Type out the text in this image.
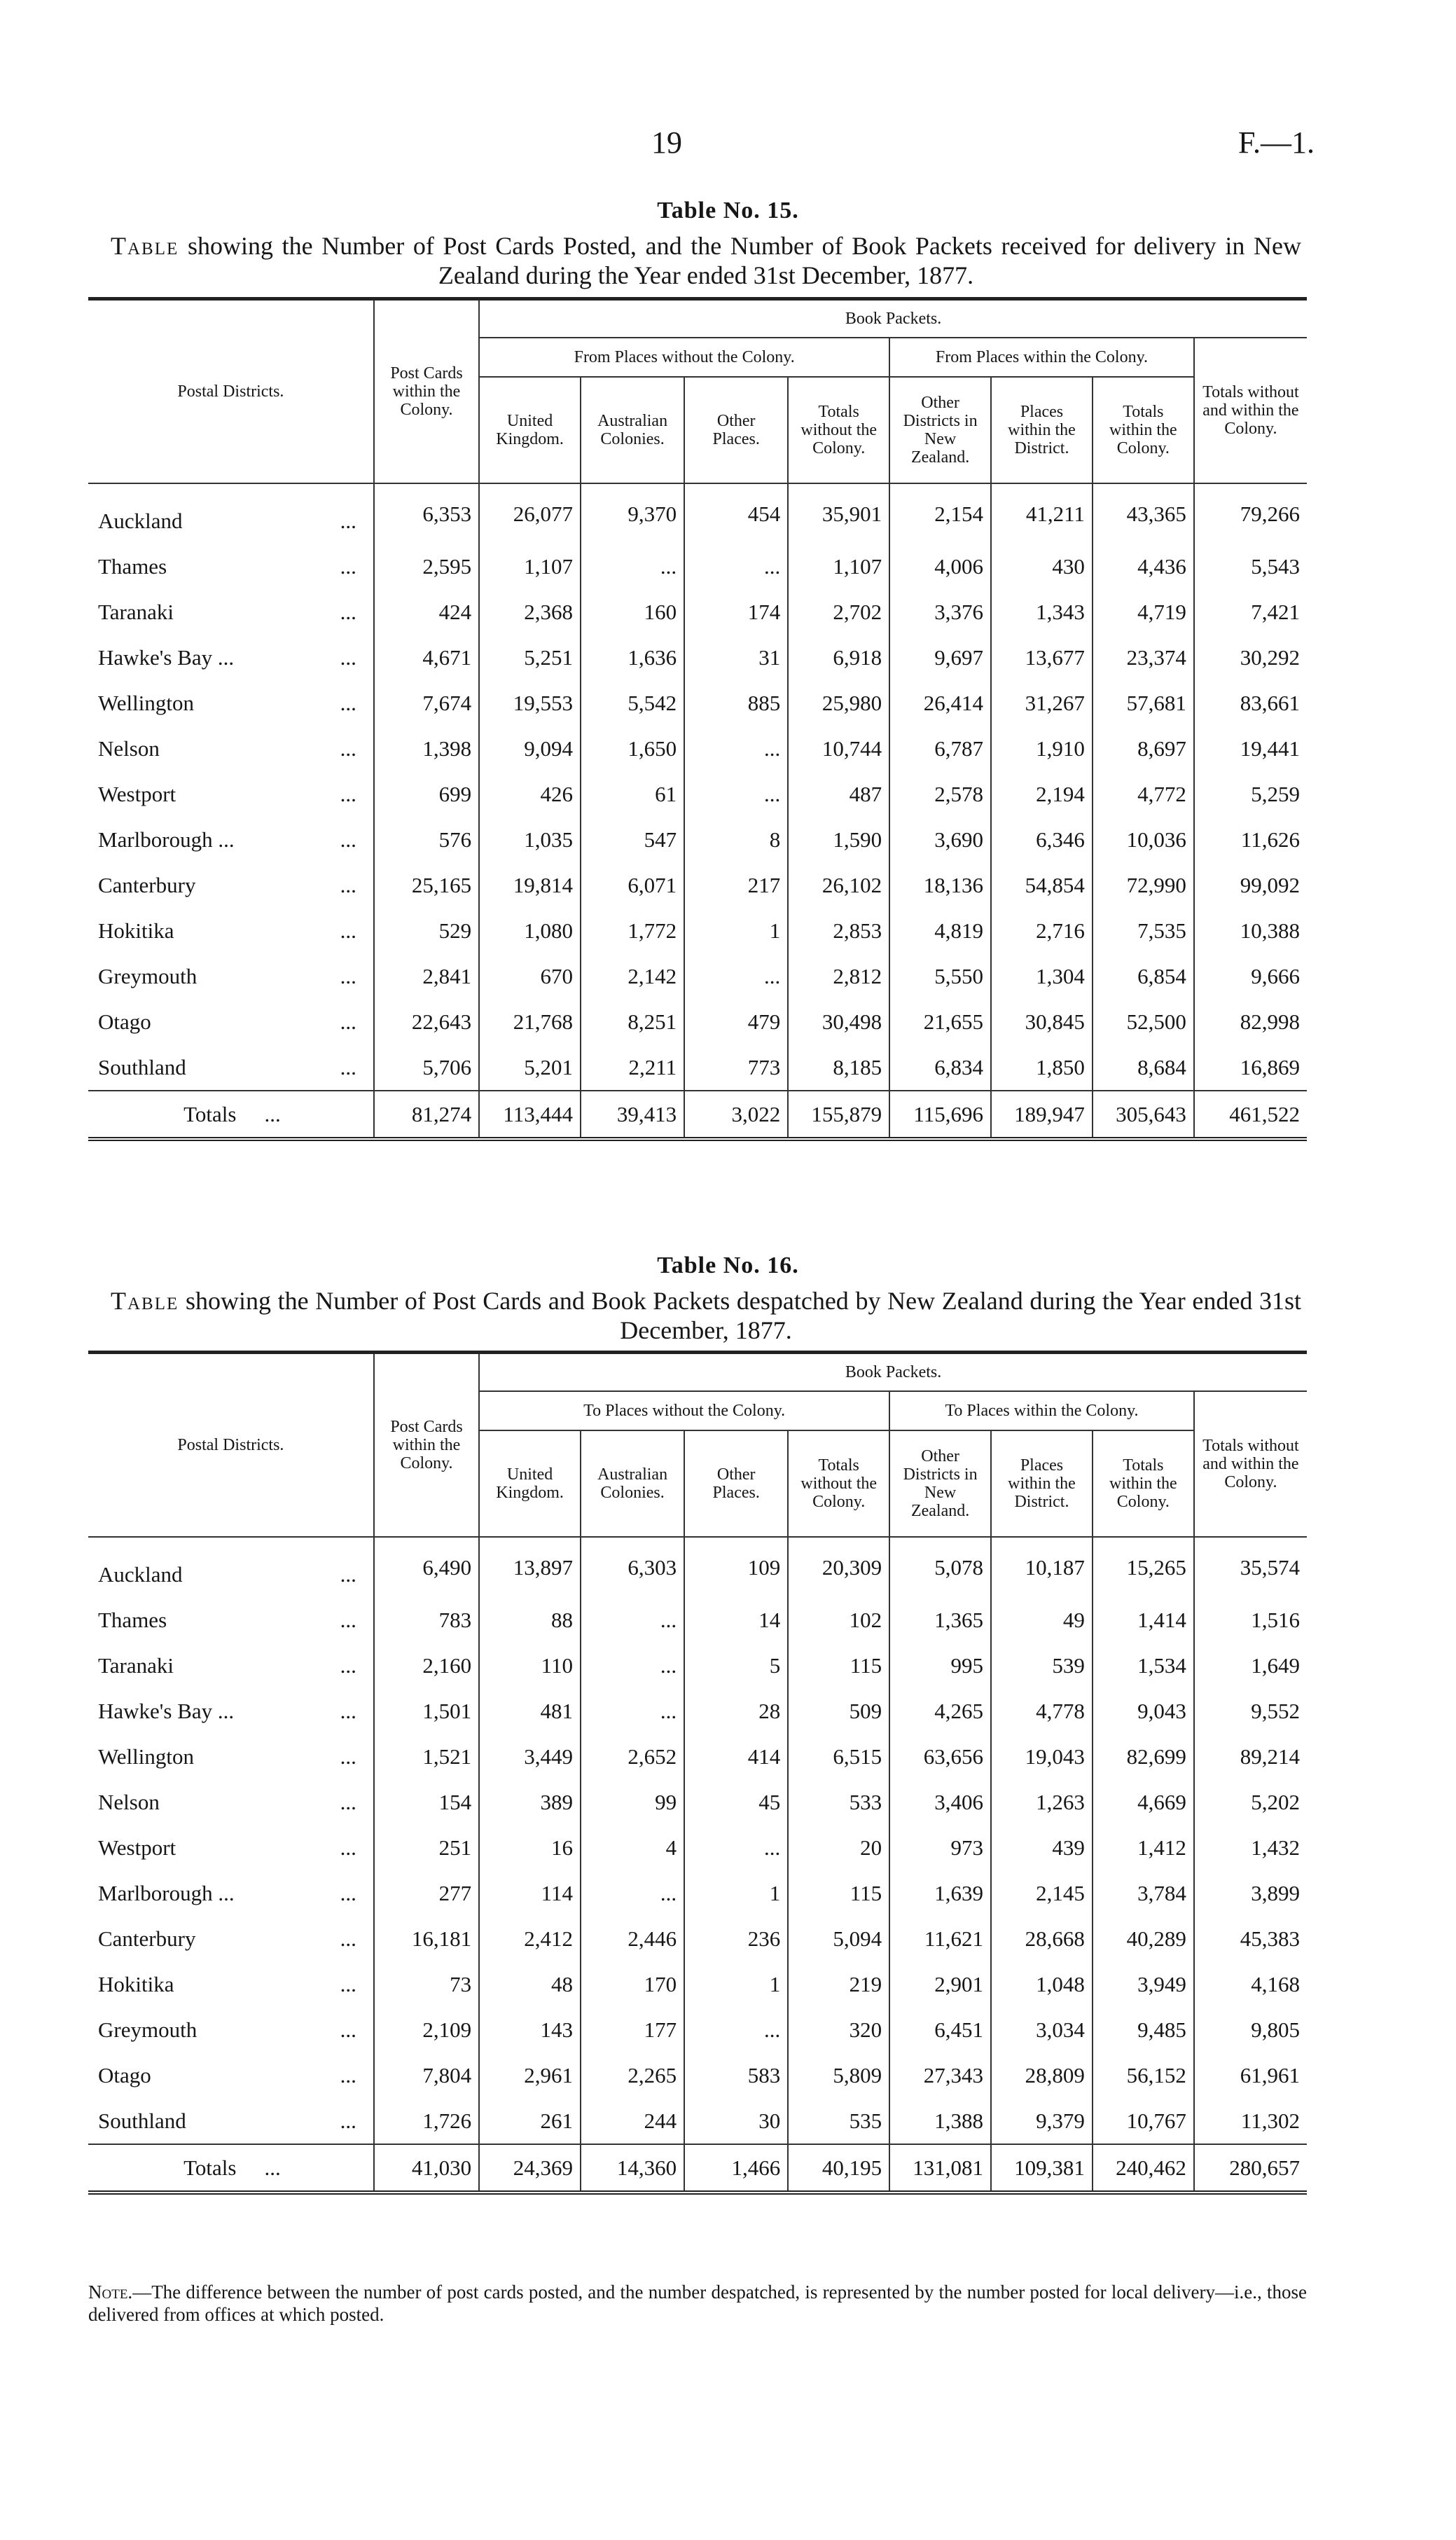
19	F.—1.
Table No. 15.
Table showing the Number of Post Cards Posted, and the Number of Book Packets received for delivery in New Zealand during the Year ended 31st December, 1877.
Postal Districts.	Post Cards within the Colony.	Book Packets.							
		From Places without the Colony.				From Places within the Colony.			Totals without and within the Colony.
		United Kingdom.	Australian Colonies.	Other Places.	Totals without the Colony.	Other Districts in New Zealand.	Places within the District.	Totals within the Colony.	

...
Auckland	6,353	26,077	9,370	454	35,901	2,154	41,211	43,365	79,266

...
Thames	2,595	1,107	...	...	1,107	4,006	430	4,436	5,543

...
Taranaki	424	2,368	160	174	2,702	3,376	1,343	4,719	7,421

...
Hawke's Bay ...	4,671	5,251	1,636	31	6,918	9,697	13,677	23,374	30,292

...
Wellington	7,674	19,553	5,542	885	25,980	26,414	31,267	57,681	83,661

...
Nelson	1,398	9,094	1,650	...	10,744	6,787	1,910	8,697	19,441

...
Westport	699	426	61	...	487	2,578	2,194	4,772	5,259

...
Marlborough ...	576	1,035	547	8	1,590	3,690	6,346	10,036	11,626

...
Canterbury	25,165	19,814	6,071	217	26,102	18,136	54,854	72,990	99,092

...
Hokitika	529	1,080	1,772	1	2,853	4,819	2,716	7,535	10,388

...
Greymouth	2,841	670	2,142	...	2,812	5,550	1,304	6,854	9,666

...
Otago	22,643	21,768	8,251	479	30,498	21,655	30,845	52,500	82,998

...
Southland	5,706	5,201	2,211	773	8,185	6,834	1,850	8,684	16,869
Totals ...	81,274	113,444	39,413	3,022	155,879	115,696	189,947	305,643	461,522
Table No. 16.
Table showing the Number of Post Cards and Book Packets despatched by New Zealand during the Year ended 31st December, 1877.
Postal Districts.	Post Cards within the Colony.	Book Packets.							
		To Places without the Colony.				To Places within the Colony.			Totals without and within the Colony.
		United Kingdom.	Australian Colonies.	Other Places.	Totals without the Colony.	Other Districts in New Zealand.	Places within the District.	Totals within the Colony.	

...
Auckland	6,490	13,897	6,303	109	20,309	5,078	10,187	15,265	35,574

...
Thames	783	88	...	14	102	1,365	49	1,414	1,516

...
Taranaki	2,160	110	...	5	115	995	539	1,534	1,649

...
Hawke's Bay ...	1,501	481	...	28	509	4,265	4,778	9,043	9,552

...
Wellington	1,521	3,449	2,652	414	6,515	63,656	19,043	82,699	89,214

...
Nelson	154	389	99	45	533	3,406	1,263	4,669	5,202

...
Westport	251	16	4	...	20	973	439	1,412	1,432

...
Marlborough ...	277	114	...	1	115	1,639	2,145	3,784	3,899

...
Canterbury	16,181	2,412	2,446	236	5,094	11,621	28,668	40,289	45,383

...
Hokitika	73	48	170	1	219	2,901	1,048	3,949	4,168

...
Greymouth	2,109	143	177	...	320	6,451	3,034	9,485	9,805

...
Otago	7,804	2,961	2,265	583	5,809	27,343	28,809	56,152	61,961

...
Southland	1,726	261	244	30	535	1,388	9,379	10,767	11,302
Totals ...	41,030	24,369	14,360	1,466	40,195	131,081	109,381	240,462	280,657
Note.—The difference between the number of post cards posted, and the number despatched, is represented by the number posted for local delivery—i.e., those delivered from offices at which posted.
